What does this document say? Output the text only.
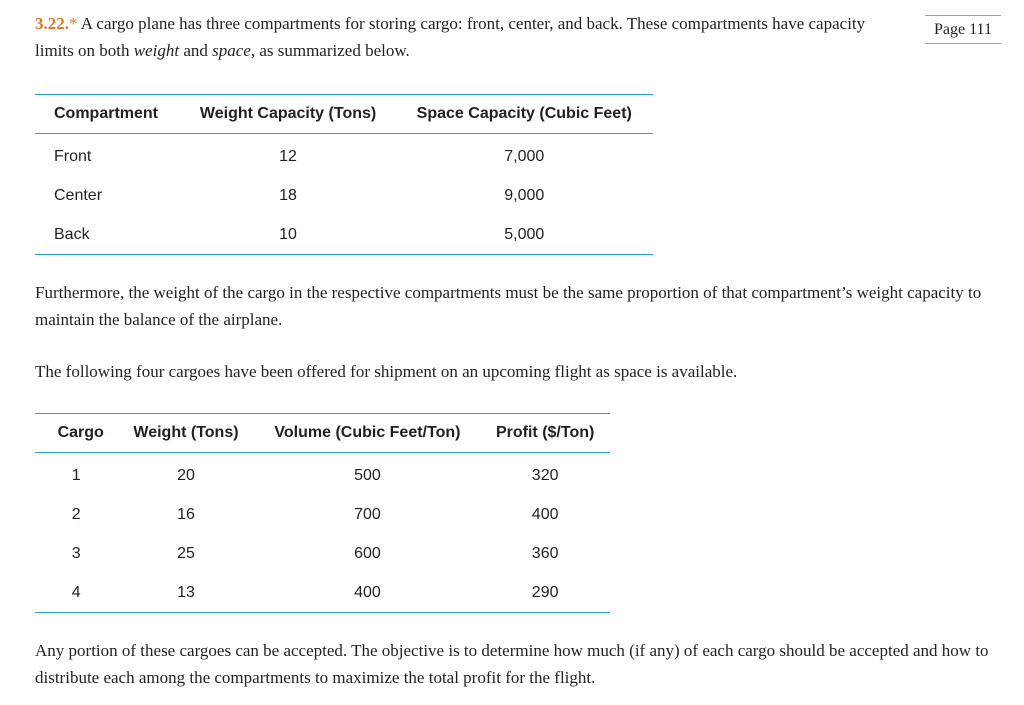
3.22.* A cargo plane has three compartments for storing cargo: front, center, and back. These compartments have capacity limits on both weight and space, as summarized below.

Page 111
Compartment	Weight Capacity (Tons)	Space Capacity (Cubic Feet)
Front	12	7,000
Center	18	9,000
Back	10	5,000

Furthermore, the weight of the cargo in the respective compartments must be the same proportion of that compartment’s weight capacity to maintain the balance of the airplane.

The following four cargoes have been offered for shipment on an upcoming flight as space is available.

Cargo	Weight (Tons)	Volume (Cubic Feet/Ton)	Profit ($/Ton)
1	20	500	320
2	16	700	400
3	25	600	360
4	13	400	290

Any portion of these cargoes can be accepted. The objective is to determine how much (if any) of each cargo should be accepted and how to distribute each among the compartments to maximize the total profit for the flight.
